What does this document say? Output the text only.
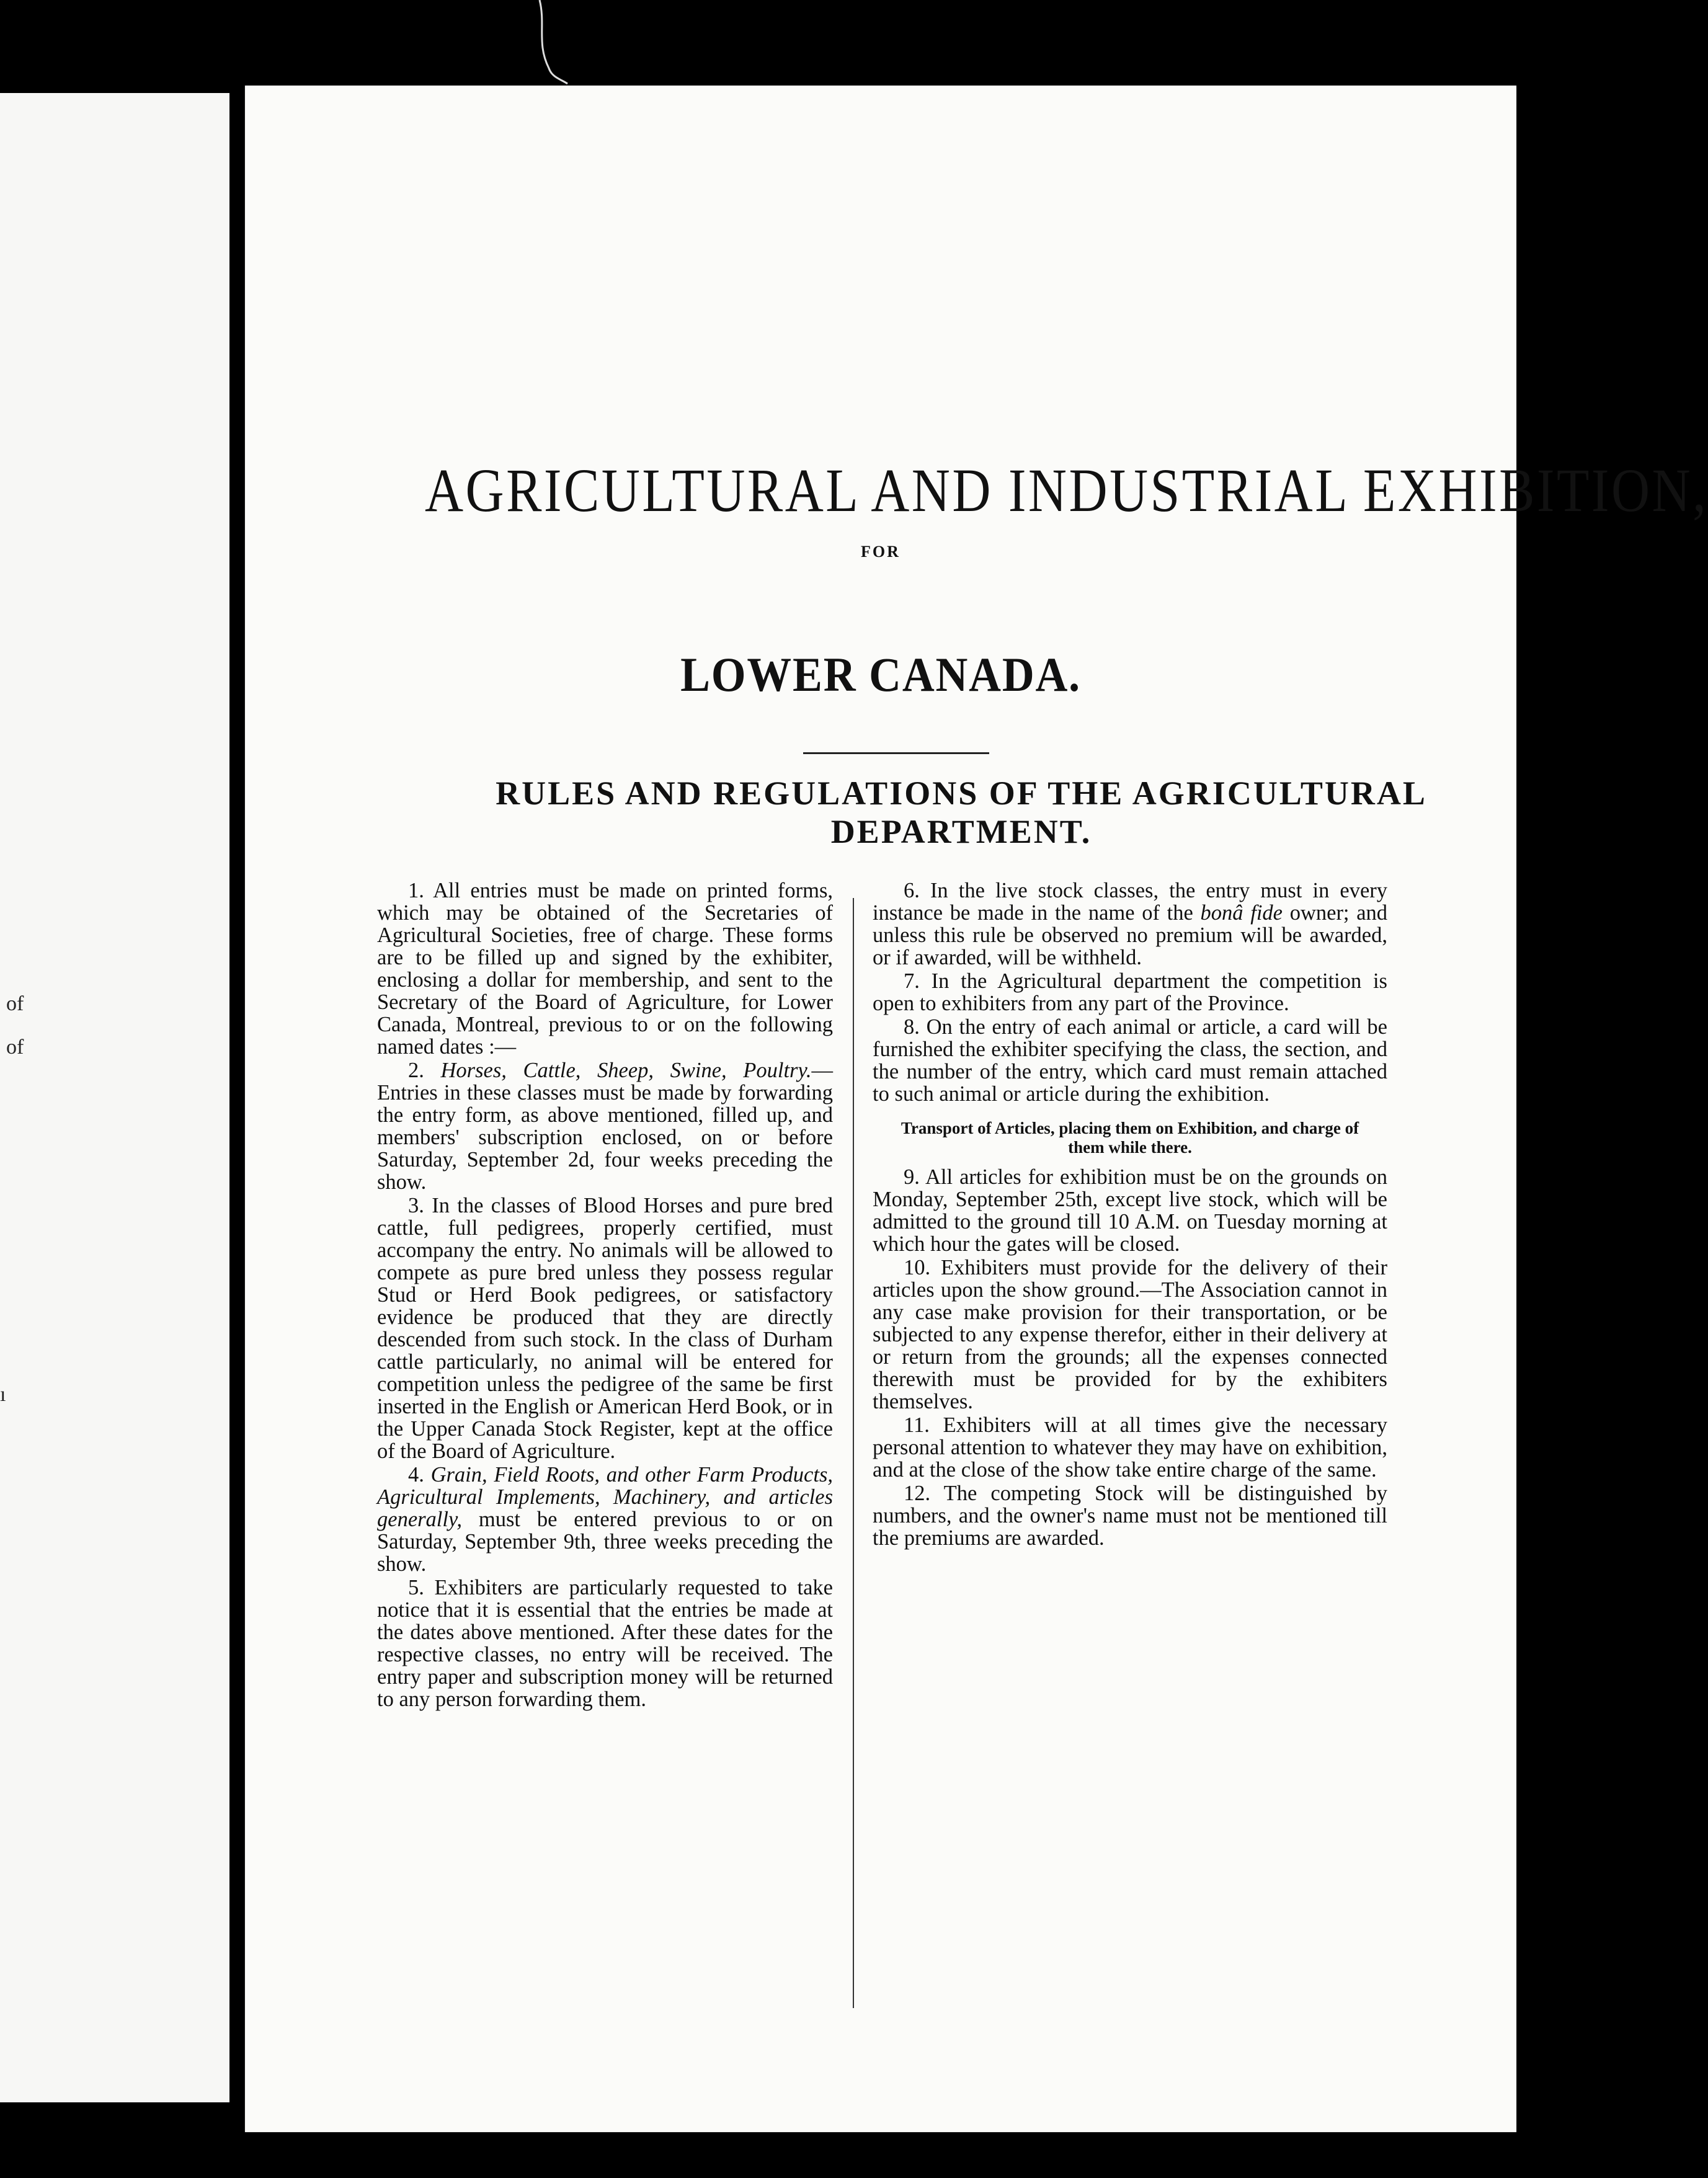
of
of
ı
AGRICULTURAL AND INDUSTRIAL EXHIBITION,
FOR
LOWER CANADA.
RULES AND REGULATIONS OF THE AGRICULTURAL
DEPARTMENT.

1. All entries must be made on printed forms, which may be obtained of the Secretaries of Agricultural Societies, free of charge. These forms are to be filled up and signed by the exhibiter, enclosing a dollar for membership, and sent to the Secretary of the Board of Agriculture, for Lower Canada, Montreal, previous to or on the following named dates :—

2. Horses, Cattle, Sheep, Swine, Poultry.—Entries in these classes must be made by forwarding the entry form, as above mentioned, filled up, and members' subscription enclosed, on or before Saturday, September 2d, four weeks preceding the show.

3. In the classes of Blood Horses and pure bred cattle, full pedigrees, properly certified, must accompany the entry. No animals will be allowed to compete as pure bred unless they possess regular Stud or Herd Book pedigrees, or satisfactory evidence be produced that they are directly descended from such stock. In the class of Durham cattle particularly, no animal will be entered for competition unless the pedigree of the same be first inserted in the English or American Herd Book, or in the Upper Canada Stock Register, kept at the office of the Board of Agriculture.

4. Grain, Field Roots, and other Farm Products, Agricultural Implements, Machinery, and articles generally, must be entered previous to or on Saturday, September 9th, three weeks preceding the show.

5. Exhibiters are particularly requested to take notice that it is essential that the entries be made at the dates above mentioned. After these dates for the respective classes, no entry will be received. The entry paper and subscription money will be returned to any person forwarding them.

6. In the live stock classes, the entry must in every instance be made in the name of the bonâ fide owner; and unless this rule be observed no premium will be awarded, or if awarded, will be withheld.

7. In the Agricultural department the competition is open to exhibiters from any part of the Province.

8. On the entry of each animal or article, a card will be furnished the exhibiter specifying the class, the section, and the number of the entry, which card must remain attached to such animal or article during the exhibition.

Transport of Articles, placing them on Exhibition, and charge of them while there.

9. All articles for exhibition must be on the grounds on Monday, September 25th, except live stock, which will be admitted to the ground till 10 A.M. on Tuesday morning at which hour the gates will be closed.

10. Exhibiters must provide for the delivery of their articles upon the show ground.—The Association cannot in any case make provision for their transportation, or be subjected to any expense therefor, either in their delivery at or return from the grounds; all the expenses connected therewith must be provided for by the exhibiters themselves.

11. Exhibiters will at all times give the necessary personal attention to whatever they may have on exhibition, and at the close of the show take entire charge of the same.

12. The competing Stock will be distinguished by numbers, and the owner's name must not be mentioned till the premiums are awarded.
